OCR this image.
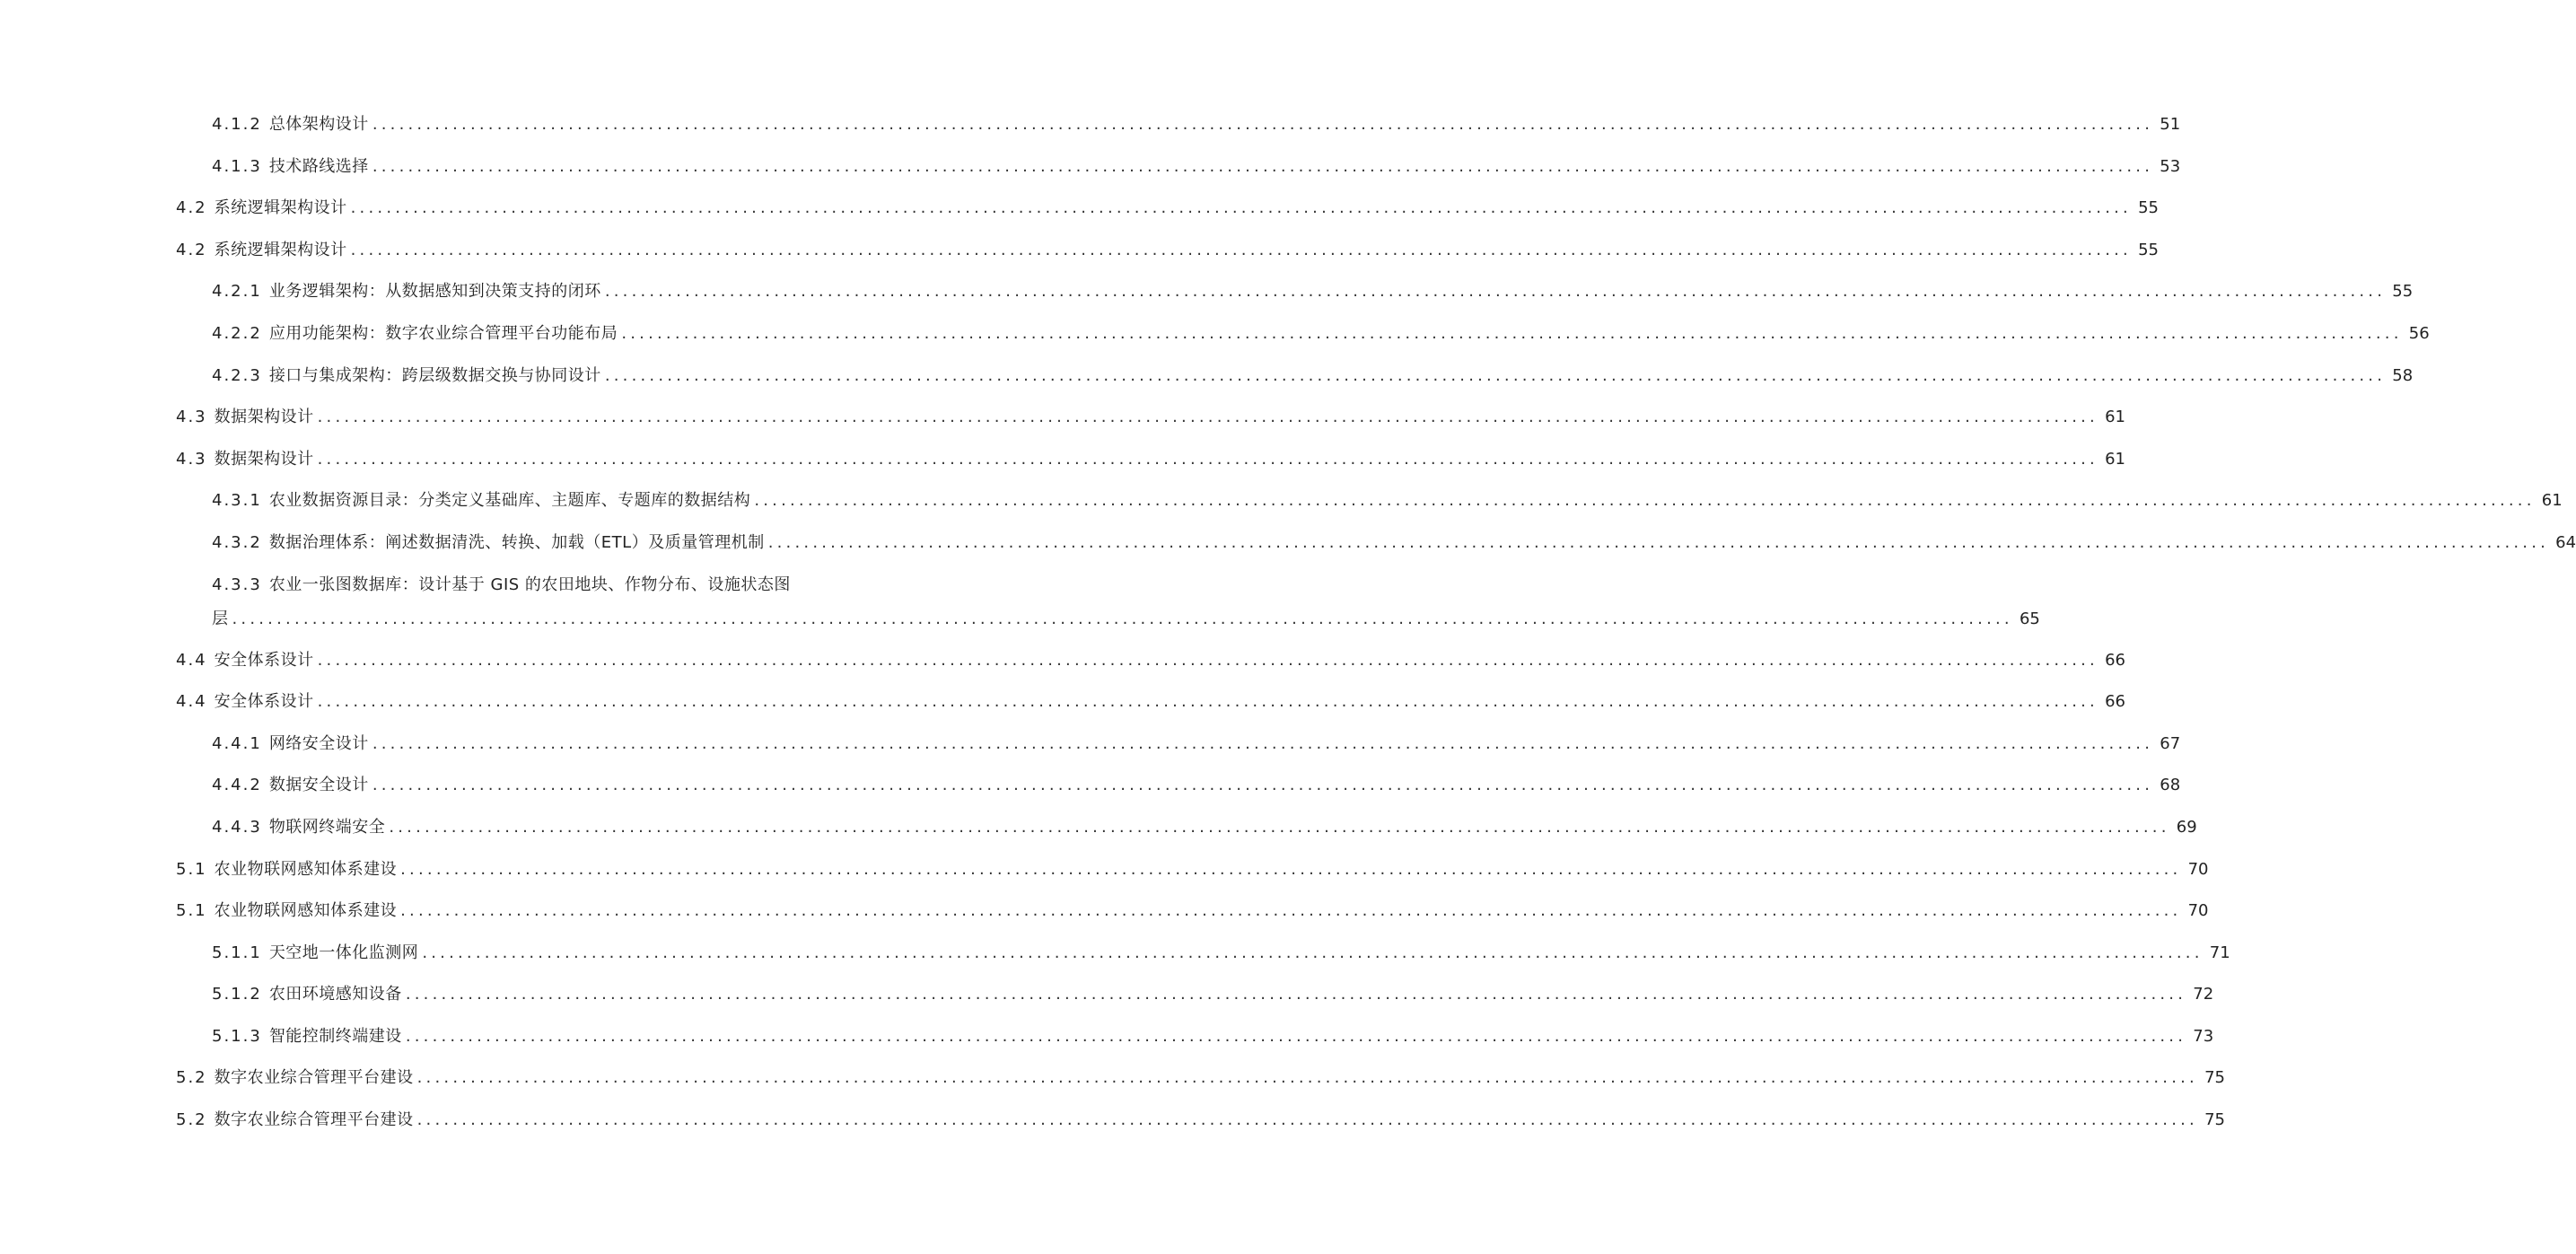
4.1.2 总体架构设计 ........................................................................................................................................................................................................ 51
4.1.3 技术路线选择 ........................................................................................................................................................................................................ 53
4.2 系统逻辑架构设计 ........................................................................................................................................................................................................ 55
4.2 系统逻辑架构设计 ........................................................................................................................................................................................................ 55
4.2.1 业务逻辑架构：从数据感知到决策支持的闭环 ........................................................................................................................................................................................................ 55
4.2.2 应用功能架构：数字农业综合管理平台功能布局 ........................................................................................................................................................................................................ 56
4.2.3 接口与集成架构：跨层级数据交换与协同设计 ........................................................................................................................................................................................................ 58
4.3 数据架构设计 ........................................................................................................................................................................................................ 61
4.3 数据架构设计 ........................................................................................................................................................................................................ 61
4.3.1 农业数据资源目录：分类定义基础库、主题库、专题库的数据结构 ........................................................................................................................................................................................................ 61
4.3.2 数据治理体系：阐述数据清洗、转换、加载（ETL）及质量管理机制 ........................................................................................................................................................................................................ 64
4.3.3 农业一张图数据库：设计基于 GIS 的农田地块、作物分布、设施状态图
层 ........................................................................................................................................................................................................ 65
4.4 安全体系设计 ........................................................................................................................................................................................................ 66
4.4 安全体系设计 ........................................................................................................................................................................................................ 66
4.4.1 网络安全设计 ........................................................................................................................................................................................................ 67
4.4.2 数据安全设计 ........................................................................................................................................................................................................ 68
4.4.3 物联网终端安全 ........................................................................................................................................................................................................ 69
5.1 农业物联网感知体系建设 ........................................................................................................................................................................................................ 70
5.1 农业物联网感知体系建设 ........................................................................................................................................................................................................ 70
5.1.1 天空地一体化监测网 ........................................................................................................................................................................................................ 71
5.1.2 农田环境感知设备 ........................................................................................................................................................................................................ 72
5.1.3 智能控制终端建设 ........................................................................................................................................................................................................ 73
5.2 数字农业综合管理平台建设 ........................................................................................................................................................................................................ 75
5.2 数字农业综合管理平台建设 ........................................................................................................................................................................................................ 75
